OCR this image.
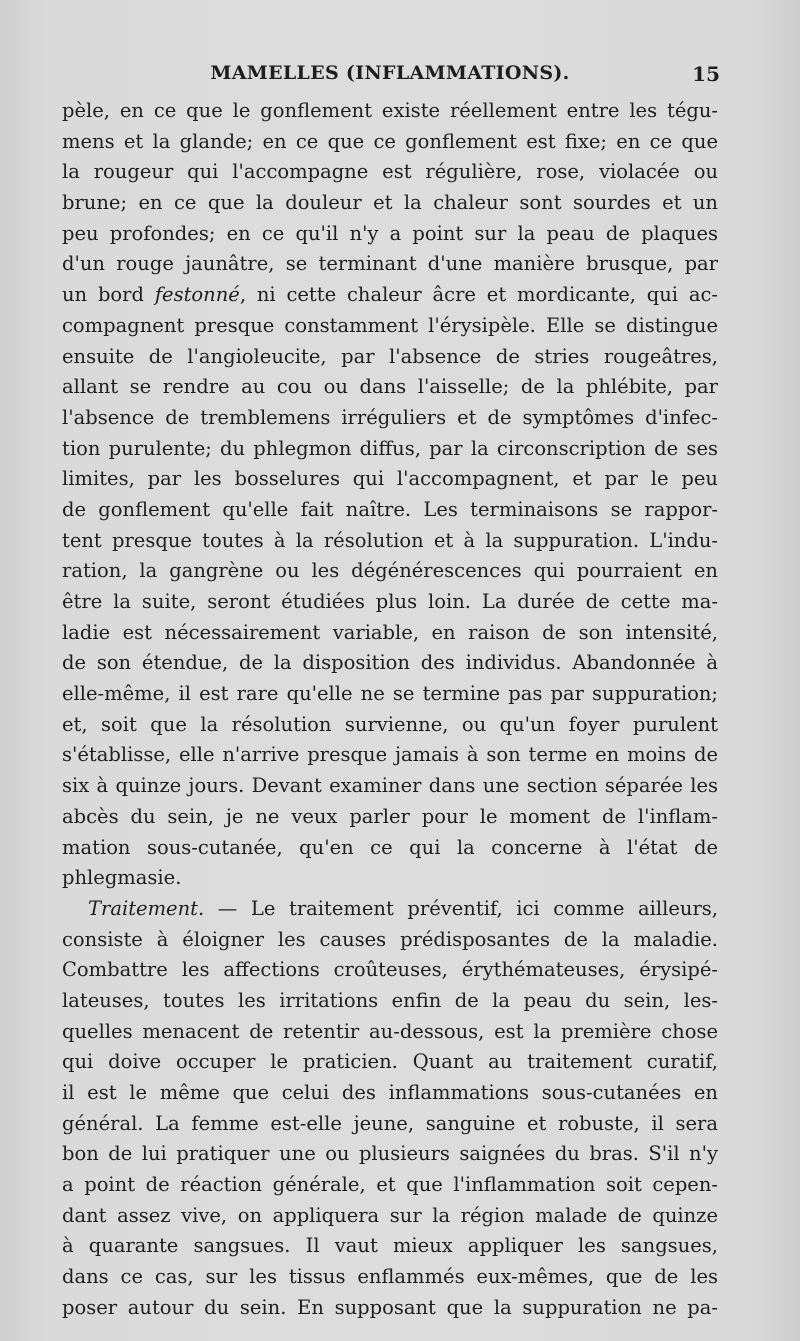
MAMELLES (INFLAMMATIONS).	15
pèle, en ce que le gonflement existe réellement entre les tégu-
mens et la glande; en ce que ce gonflement est fixe; en ce que
la rougeur qui l'accompagne est régulière, rose, violacée ou
brune; en ce que la douleur et la chaleur sont sourdes et un
peu profondes; en ce qu'il n'y a point sur la peau de plaques
d'un rouge jaunâtre, se terminant d'une manière brusque, par
un bord festonné, ni cette chaleur âcre et mordicante, qui ac-
compagnent presque constamment l'érysipèle. Elle se distingue
ensuite de l'angioleucite, par l'absence de stries rougeâtres,
allant se rendre au cou ou dans l'aisselle; de la phlébite, par
l'absence de tremblemens irréguliers et de symptômes d'infec-
tion purulente; du phlegmon diffus, par la circonscription de ses
limites, par les bosselures qui l'accompagnent, et par le peu
de gonflement qu'elle fait naître. Les terminaisons se rappor-
tent presque toutes à la résolution et à la suppuration. L'indu-
ration, la gangrène ou les dégénérescences qui pourraient en
être la suite, seront étudiées plus loin. La durée de cette ma-
ladie est nécessairement variable, en raison de son intensité,
de son étendue, de la disposition des individus. Abandonnée à
elle-même, il est rare qu'elle ne se termine pas par suppuration;
et, soit que la résolution survienne, ou qu'un foyer purulent
s'établisse, elle n'arrive presque jamais à son terme en moins de
six à quinze jours. Devant examiner dans une section séparée les
abcès du sein, je ne veux parler pour le moment de l'inflam-
mation sous-cutanée, qu'en ce qui la concerne à l'état de
phlegmasie.
Traitement. — Le traitement préventif, ici comme ailleurs,
consiste à éloigner les causes prédisposantes de la maladie.
Combattre les affections croûteuses, érythémateuses, érysipé-
lateuses, toutes les irritations enfin de la peau du sein, les-
quelles menacent de retentir au-dessous, est la première chose
qui doive occuper le praticien. Quant au traitement curatif,
il est le même que celui des inflammations sous-cutanées en
général. La femme est-elle jeune, sanguine et robuste, il sera
bon de lui pratiquer une ou plusieurs saignées du bras. S'il n'y
a point de réaction générale, et que l'inflammation soit cepen-
dant assez vive, on appliquera sur la région malade de quinze
à quarante sangsues. Il vaut mieux appliquer les sangsues,
dans ce cas, sur les tissus enflammés eux-mêmes, que de les
poser autour du sein. En supposant que la suppuration ne pa-
